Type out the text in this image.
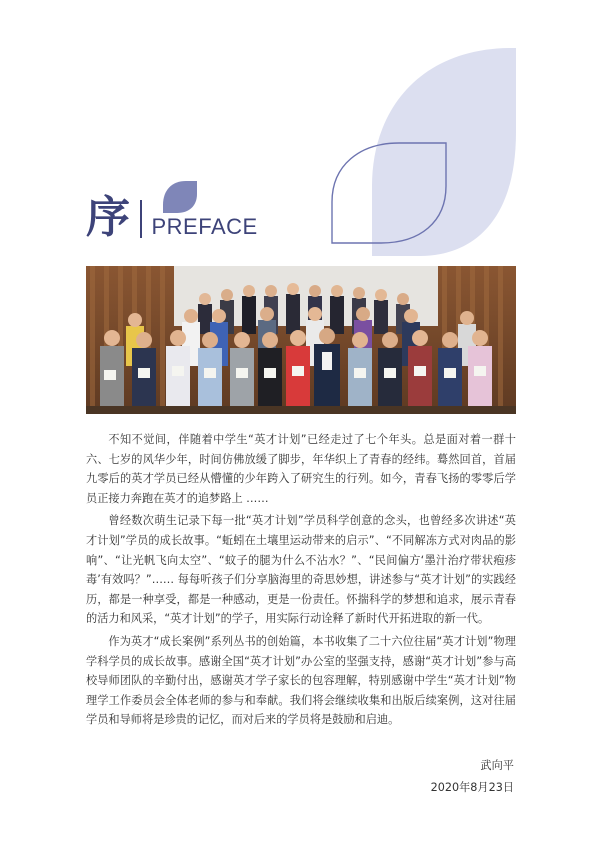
序 PREFACE

不知不觉间，伴随着中学生“英才计划”已经走过了七个年头。总是面对着一群十六、七岁的风华少年，时间仿佛放缓了脚步，年华织上了青春的经纬。蓦然回首，首届九零后的英才学员已经从懵懂的少年跨入了研究生的行列。如今，青春飞扬的零零后学员正接力奔跑在英才的追梦路上 ……

曾经数次萌生记录下每一批“英才计划”学员科学创意的念头，也曾经多次讲述“英才计划”学员的成长故事。“蚯蚓在土壤里运动带来的启示”、“不同解冻方式对肉品的影响”、“让光帆飞向太空”、“蚊子的腿为什么不沾水？”、“民间偏方‘墨汁治疗带状疱疹毒’有效吗？”…… 每每听孩子们分享脑海里的奇思妙想，讲述参与“英才计划”的实践经历，都是一种享受，都是一种感动，更是一份责任。怀揣科学的梦想和追求，展示青春的活力和风采，“英才计划”的学子，用实际行动诠释了新时代开拓进取的新一代。

作为英才“成长案例”系列丛书的创始篇，本书收集了二十六位往届“英才计划”物理学科学员的成长故事。感谢全国“英才计划”办公室的坚强支持，感谢“英才计划”参与高校导师团队的辛勤付出，感谢英才学子家长的包容理解，特别感谢中学生“英才计划”物理学工作委员会全体老师的参与和奉献。我们将会继续收集和出版后续案例，这对往届学员和导师将是珍贵的记忆，而对后来的学员将是鼓励和启迪。

武向平
2020年8月23日
